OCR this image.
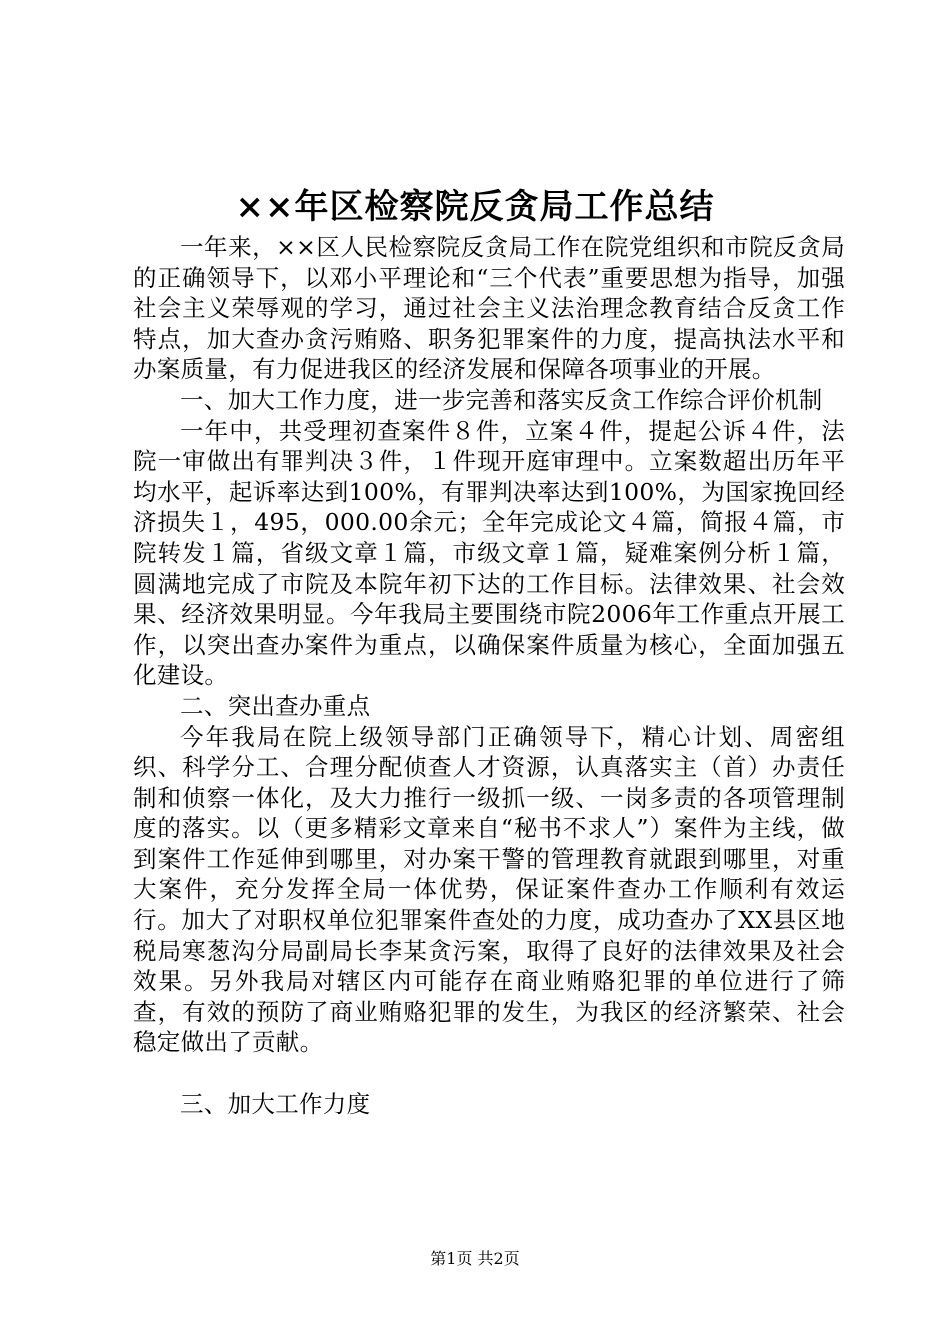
××年区检察院反贪局工作总结

一年来，××区人民检察院反贪局工作在院党组织和市院反贪局的正确领导下，以邓小平理论和“三个代表”重要思想为指导，加强社会主义荣辱观的学习，通过社会主义法治理念教育结合反贪工作特点，加大查办贪污贿赂、职务犯罪案件的力度，提高执法水平和办案质量，有力促进我区的经济发展和保障各项事业的开展。

一、加大工作力度，进一步完善和落实反贪工作综合评价机制

一年中，共受理初查案件８件，立案４件，提起公诉４件，法院一审做出有罪判决３件，１件现开庭审理中。立案数超出历年平均水平，起诉率达到100%，有罪判决率达到100%，为国家挽回经济损失１，495，000.00余元；全年完成论文４篇，简报４篇，市院转发１篇，省级文章１篇，市级文章１篇，疑难案例分析１篇，圆满地完成了市院及本院年初下达的工作目标。法律效果、社会效果、经济效果明显。今年我局主要围绕市院2006年工作重点开展工作，以突出查办案件为重点，以确保案件质量为核心，全面加强五化建设。

二、突出查办重点

今年我局在院上级领导部门正确领导下，精心计划、周密组织、科学分工、合理分配侦查人才资源，认真落实主（首）办责任制和侦察一体化，及大力推行一级抓一级、一岗多责的各项管理制度的落实。以（更多精彩文章来自“秘书不求人”）案件为主线，做到案件工作延伸到哪里，对办案干警的管理教育就跟到哪里，对重大案件，充分发挥全局一体优势，保证案件查办工作顺利有效运行。加大了对职权单位犯罪案件查处的力度，成功查办了XX县区地税局寒葱沟分局副局长李某贪污案，取得了良好的法律效果及社会效果。另外我局对辖区内可能存在商业贿赂犯罪的单位进行了筛查，有效的预防了商业贿赂犯罪的发生，为我区的经济繁荣、社会稳定做出了贡献。

三、加大工作力度

第1页 共2页
